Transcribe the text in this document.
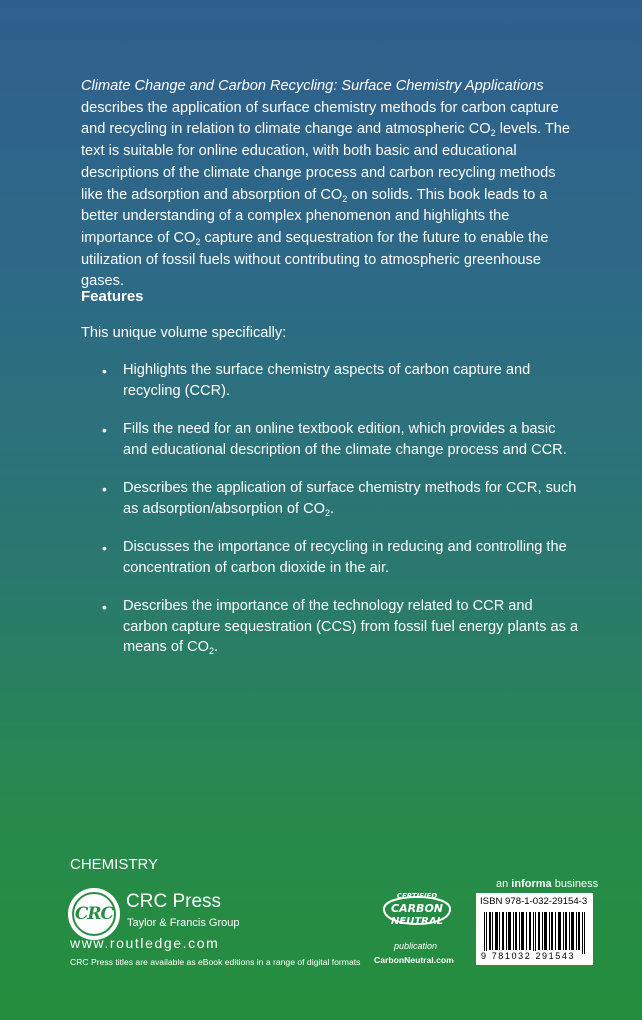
Climate Change and Carbon Recycling: Surface Chemistry Applications describes the application of surface chemistry methods for carbon capture and recycling in relation to climate change and atmospheric $CO_2$ levels. The text is suitable for online education, with both basic and educational descriptions of the climate change process and carbon recycling methods like the adsorption and absorption of $CO_2$ on solids. This book leads to a better understanding of a complex phenomenon and highlights the importance of $CO_2$ capture and sequestration for the future to enable the utilization of fossil fuels without contributing to atmospheric greenhouse gases.

Features

This unique volume specifically:

• Highlights the surface chemistry aspects of carbon capture and recycling (CCR).
• Fills the need for an online textbook edition, which provides a basic and educational description of the climate change process and CCR.
• Describes the application of surface chemistry methods for CCR, such as adsorption/absorption of $CO_2$.
• Discusses the importance of recycling in reducing and controlling the concentration of carbon dioxide in the air.
• Describes the importance of the technology related to CCR and carbon capture sequestration (CCS) from fossil fuel energy plants as a means of $CO_2$.

CHEMISTRY

CRC

CRC Press

Taylor & Francis Group

www.routledge.com

CRC Press titles are available as eBook editions in a range of digital formats

CERTIFIED
CARBON
NEUTRAL

publication

CarbonNeutral.com

an informa business

ISBN 978-1-032-29154-3

9 781032 291543
